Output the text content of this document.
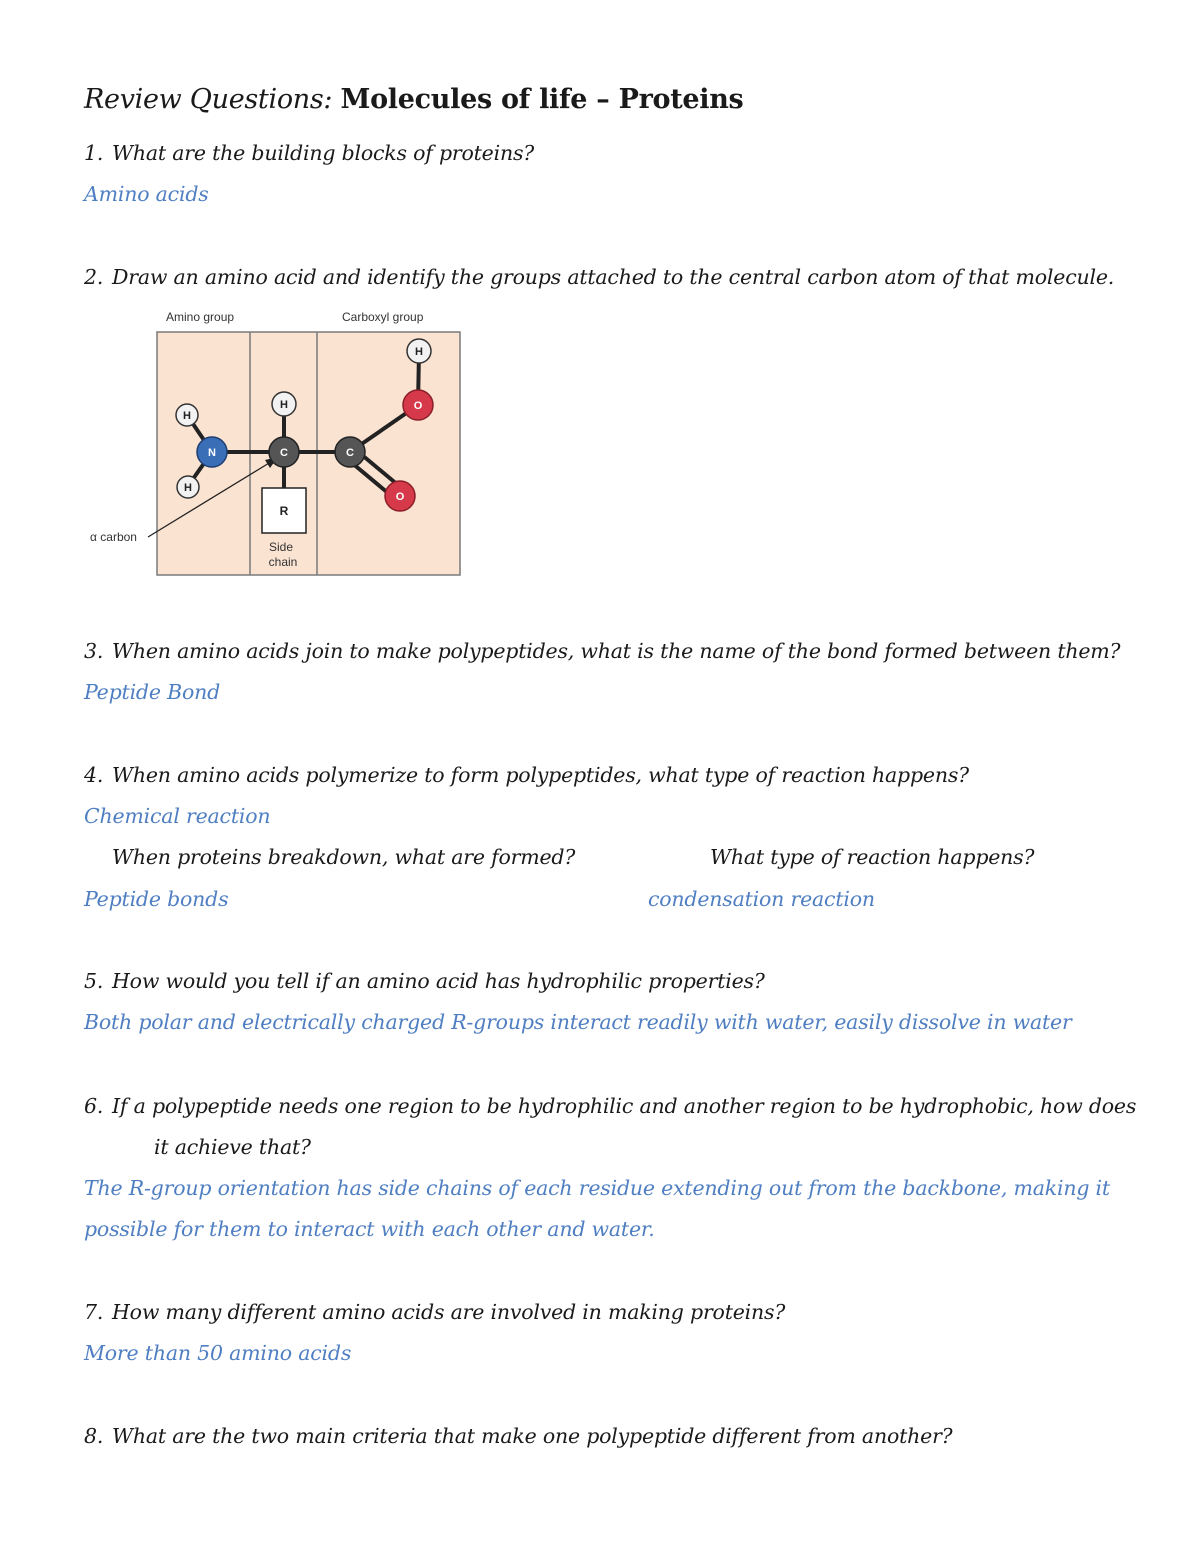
Review Questions: Molecules of life – Proteins
1. What are the building blocks of proteins?
Amino acids
2. Draw an amino acid and identify the groups attached to the central carbon atom of that molecule.
Amino group	Carboxyl group
α carbon
R
Side
chain
H
H
H
H
N	C	C
O
O
3. When amino acids join to make polypeptides, what is the name of the bond formed between them?
Peptide Bond
4. When amino acids polymerize to form polypeptides, what type of reaction happens?
Chemical reaction
When proteins breakdown, what are formed?	What type of reaction happens?
Peptide bonds	condensation reaction
5. How would you tell if an amino acid has hydrophilic properties?
Both polar and electrically charged R-groups interact readily with water, easily dissolve in water
6. If a polypeptide needs one region to be hydrophilic and another region to be hydrophobic, how does
it achieve that?
The R-group orientation has side chains of each residue extending out from the backbone, making it
possible for them to interact with each other and water.
7. How many different amino acids are involved in making proteins?
More than 50 amino acids
8. What are the two main criteria that make one polypeptide different from another?
